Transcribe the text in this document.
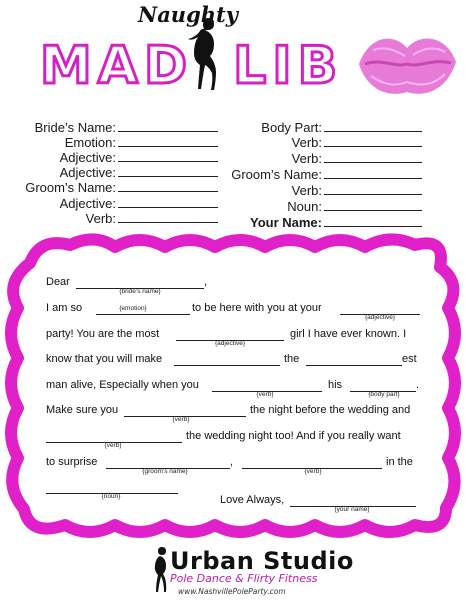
Naughty
MAD LIB
Bride’s Name:
Emotion:
Adjective:
Adjective:
Groom’s Name:
Adjective:
Verb:
Body Part:
Verb:
Verb:
Groom’s Name:
Verb:
Noun:
Your Name:
Dear	,
{bride’s name}
I am so	{emotion}	to be here with you at your
{adjective}
party! You are the most
{adjective}
girl I have ever known. I
know that you will make	the	est
man alive, Especially when you
{verb}
his
{body part}
.
Make sure you
{verb}
the night before the wedding and
{verb}
the wedding night too! And if you really want
to surprise
{groom’s name}
,
{verb}
in the
{noun}	Love Always,
{your name}
Urban Studio
Pole Dance & Flirty Fitness
www.NashvillePoleParty.com
